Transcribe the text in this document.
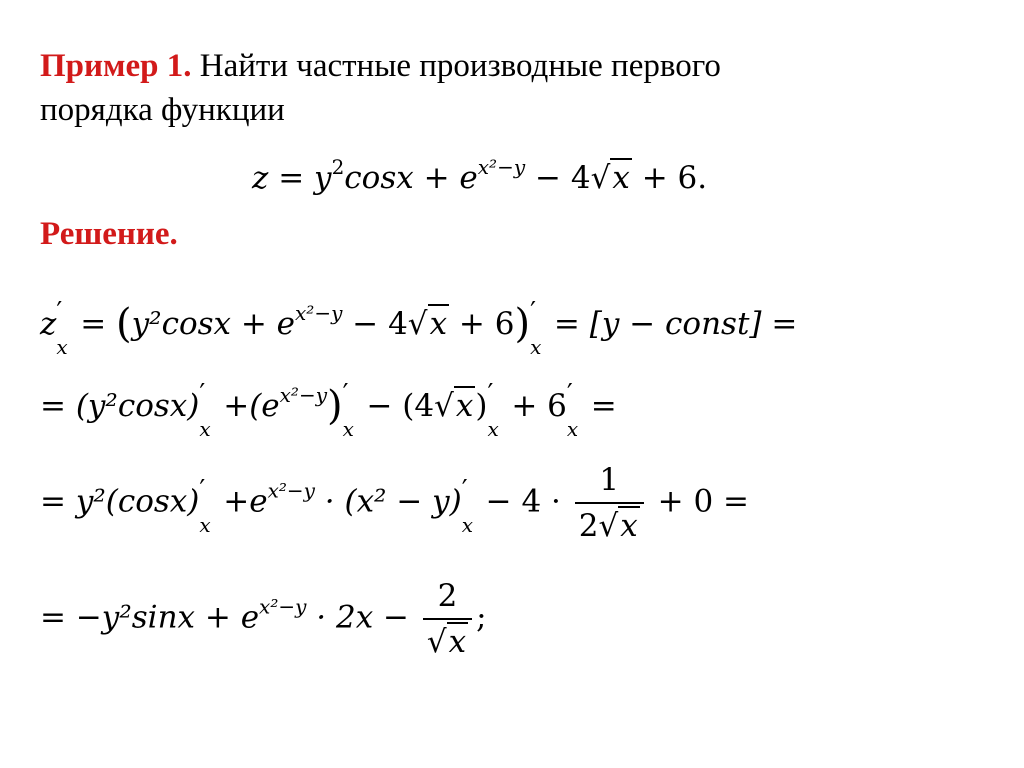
Пример 1. Найти частные производные первого
порядка функции
$z = y^2\cos x + e^{x^2-y} - 4√x + 6$.
Решение.
z ′
x
= $(y^2\cos x + e^{x^2-y} - 4√x + 6)$ ′
x
= [y − const] =
= (y²cosx) ′
x
$+(e^{x^2-y})$ ′
x
− (4√x) ′
x
+ 6 ′
x
=
= y²(cosx) ′
x
$+e^{x^2-y} \cdot (x^2 - y)$ ′
x
− $4 \cdot \frac{1}{2√x} + 0$ =
= $-y^2\sin x + e^{x^2-y} \cdot 2x - \frac{2}{√x}$ ;
